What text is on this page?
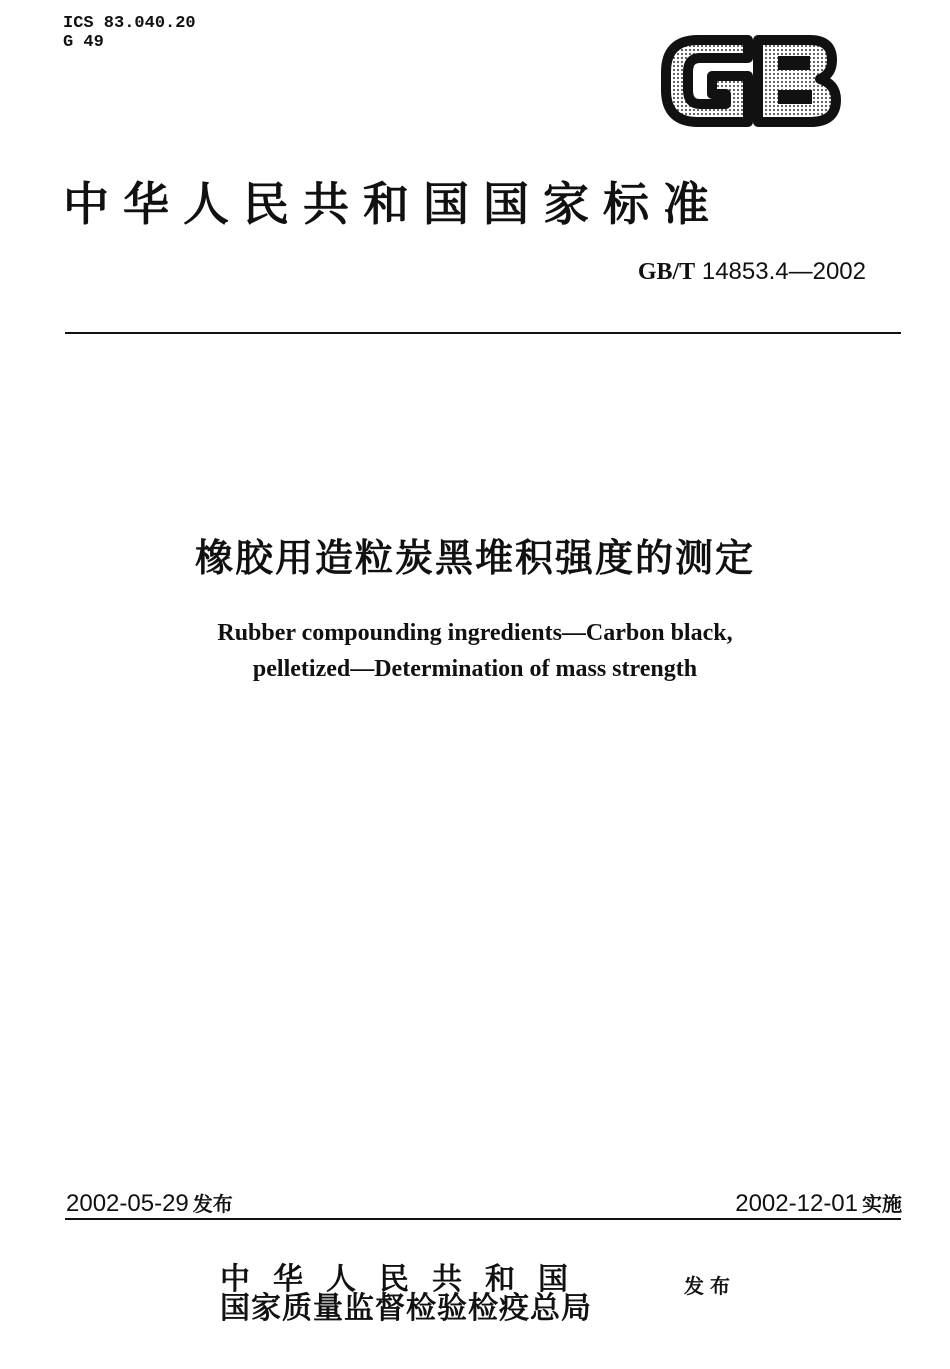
ICS 83.040.20
G 49
中华人民共和国国家标准
GB/T 14853.4—2002
橡胶用造粒炭黑堆积强度的测定
Rubber compounding ingredients—Carbon black,
pelletized—Determination of mass strength
2002-05-29 发布	2002-12-01 实施
中华人民共和国
国家质量监督检验检疫总局
发布
